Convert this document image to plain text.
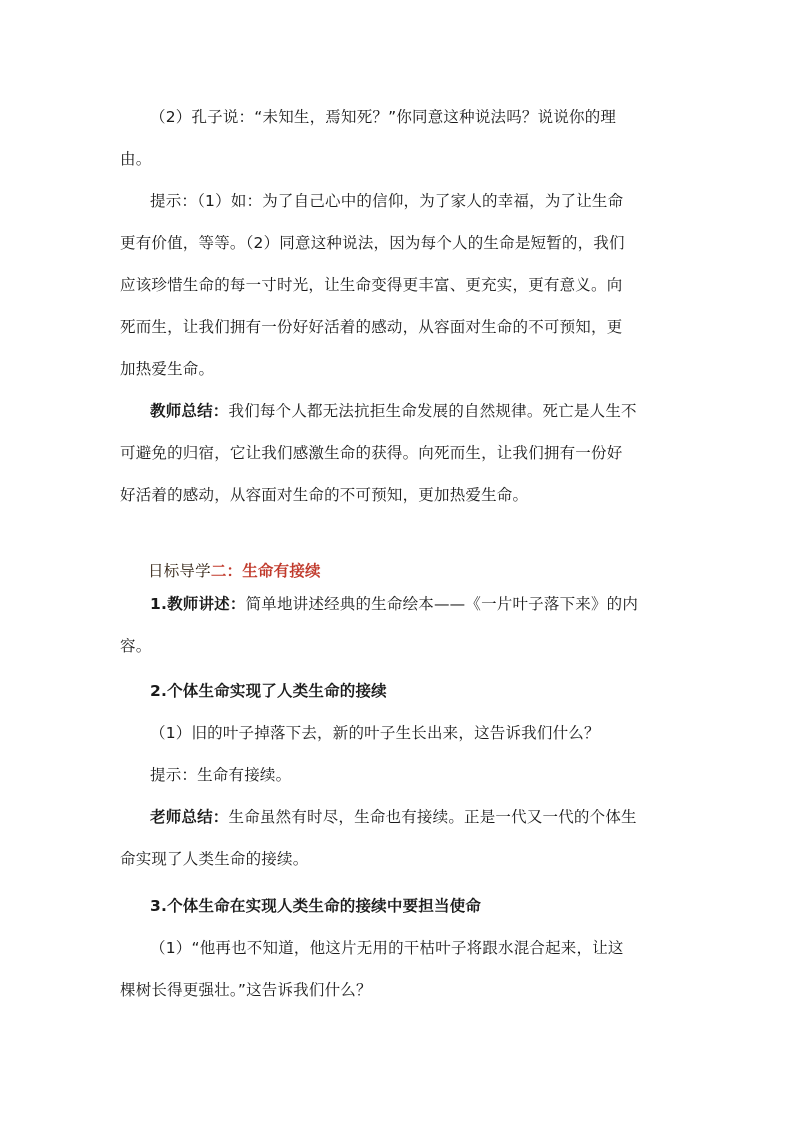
（2）孔子说：“未知生，焉知死？”你同意这种说法吗？说说你的理
由。
提示：（1）如：为了自己心中的信仰，为了家人的幸福，为了让生命
更有价值，等等。（2）同意这种说法，因为每个人的生命是短暂的，我们
应该珍惜生命的每一寸时光，让生命变得更丰富、更充实，更有意义。向
死而生，让我们拥有一份好好活着的感动，从容面对生命的不可预知，更
加热爱生命。
教师总结：我们每个人都无法抗拒生命发展的自然规律。死亡是人生不
可避免的归宿，它让我们感激生命的获得。向死而生，让我们拥有一份好
好活着的感动，从容面对生命的不可预知，更加热爱生命。
日标导学二：生命有接续
1.教师讲述：简单地讲述经典的生命绘本——《一片叶子落下来》的内
容。
2.个体生命实现了人类生命的接续
（1）旧的叶子掉落下去，新的叶子生长出来，这告诉我们什么？
提示：生命有接续。
老师总结：生命虽然有时尽，生命也有接续。正是一代又一代的个体生
命实现了人类生命的接续。
3.个体生命在实现人类生命的接续中要担当使命
（1）“他再也不知道，他这片无用的干枯叶子将跟水混合起来，让这
棵树长得更强壮。”这告诉我们什么？
